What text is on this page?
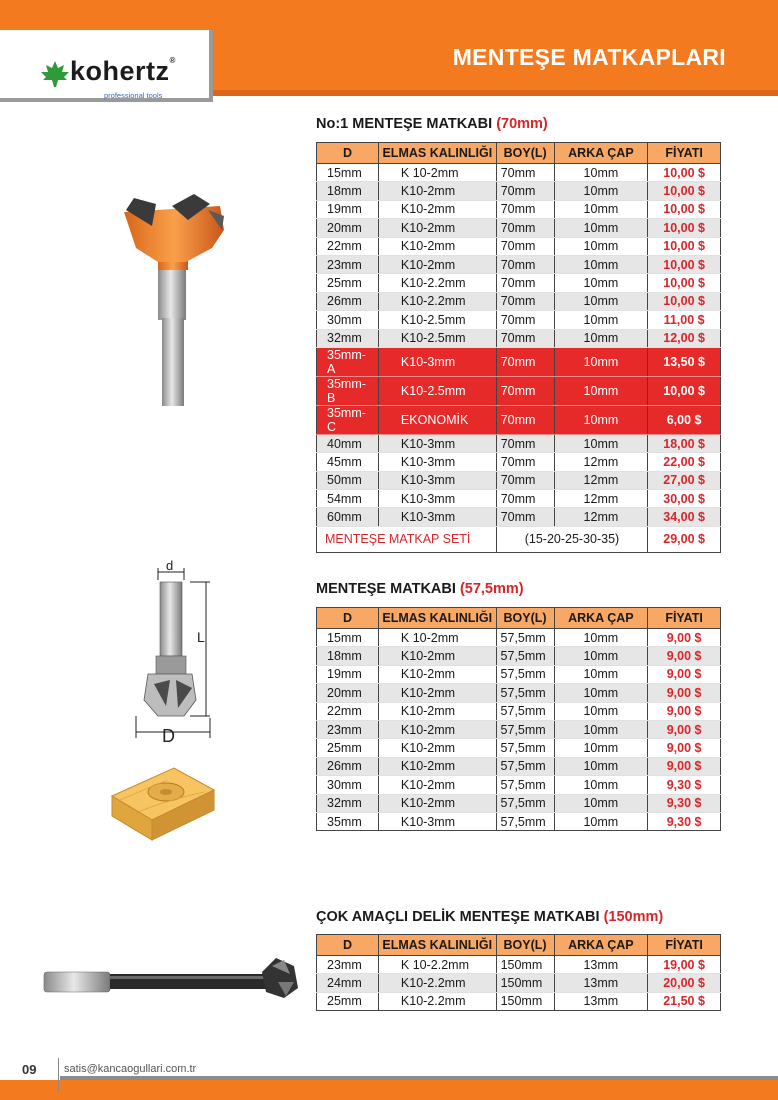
kohertz®
professional tools
MENTEŞE MATKAPLARI
No:1 MENTEŞE MATKABI (70mm)
D	ELMAS KALINLIĞI	BOY(L)	ARKA ÇAP	FİYATI
15mm	K 10-2mm	70mm	10mm	10,00 $
18mm	K10-2mm	70mm	10mm	10,00 $
19mm	K10-2mm	70mm	10mm	10,00 $
20mm	K10-2mm	70mm	10mm	10,00 $
22mm	K10-2mm	70mm	10mm	10,00 $
23mm	K10-2mm	70mm	10mm	10,00 $
25mm	K10-2.2mm	70mm	10mm	10,00 $
26mm	K10-2.2mm	70mm	10mm	10,00 $
30mm	K10-2.5mm	70mm	10mm	11,00 $
32mm	K10-2.5mm	70mm	10mm	12,00 $
35mm-A	K10-3mm	70mm	10mm	13,50 $
35mm-B	K10-2.5mm	70mm	10mm	10,00 $
35mm-C	EKONOMİK	70mm	10mm	6,00 $
40mm	K10-3mm	70mm	10mm	18,00 $
45mm	K10-3mm	70mm	12mm	22,00 $
50mm	K10-3mm	70mm	12mm	27,00 $
54mm	K10-3mm	70mm	12mm	30,00 $
60mm	K10-3mm	70mm	12mm	34,00 $
MENTEŞE MATKAP SETİ		(15-20-25-30-35)		29,00 $
MENTEŞE MATKABI (57,5mm)
D	ELMAS KALINLIĞI	BOY(L)	ARKA ÇAP	FİYATI
15mm	K 10-2mm	57,5mm	10mm	9,00 $
18mm	K10-2mm	57,5mm	10mm	9,00 $
19mm	K10-2mm	57,5mm	10mm	9,00 $
20mm	K10-2mm	57,5mm	10mm	9,00 $
22mm	K10-2mm	57,5mm	10mm	9,00 $
23mm	K10-2mm	57,5mm	10mm	9,00 $
25mm	K10-2mm	57,5mm	10mm	9,00 $
26mm	K10-2mm	57,5mm	10mm	9,00 $
30mm	K10-2mm	57,5mm	10mm	9,30 $
32mm	K10-2mm	57,5mm	10mm	9,30 $
35mm	K10-3mm	57,5mm	10mm	9,30 $
d
L
D
ÇOK AMAÇLI DELİK MENTEŞE MATKABI (150mm)
D	ELMAS KALINLIĞI	BOY(L)	ARKA ÇAP	FİYATI
23mm	K 10-2.2mm	150mm	13mm	19,00 $
24mm	K10-2.2mm	150mm	13mm	20,00 $
25mm	K10-2.2mm	150mm	13mm	21,50 $
09	satis@kancaogullari.com.tr
